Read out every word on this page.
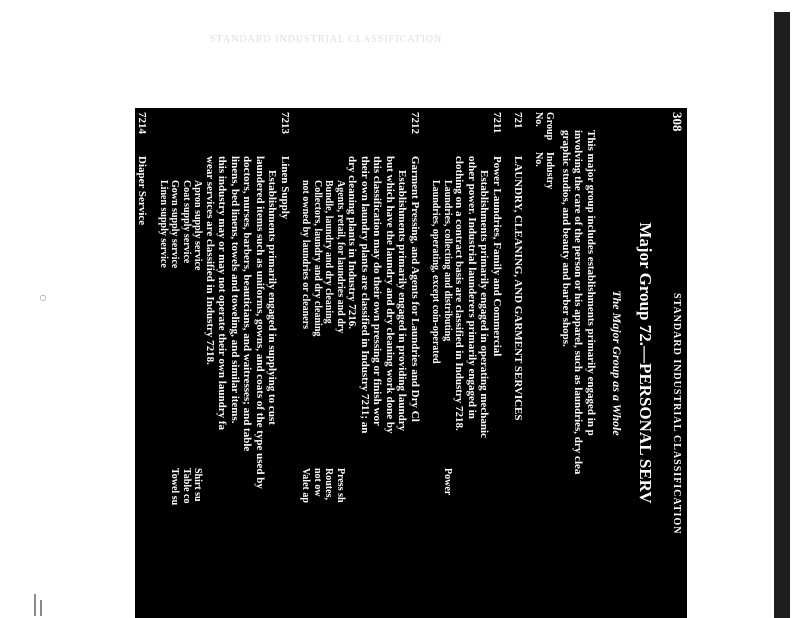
STANDARD INDUSTRIAL CLASSIFICATION
○
308
STANDARD INDUSTRIAL CLASSIFICATION
Major Group 72.—PERSONAL SERV
The Major Group as a Whole
This major group includes establishments primarily engaged in p
involving the care of the person or his apparel, such as laundries, dry clea
graphic studios, and beauty and barber shops.
Group
No.
Industry
No.
721
LAUNDRY, CLEANING, AND GARMENT SERVICES
7211
Power Laundries, Family and Commercial
Establishments primarily engaged in operating mechanic
other power. Industrial launderers primarily engaged in
clothing on a contract basis are classified in Industry 7218.
Laundries, collecting and distributing
Laundries, operating, except coin-operated
Power
7212
Garment Pressing, and Agents for Laundries and Dry Cl
Establishments primarily engaged in providing laundry
but which have the laundry and dry cleaning work done by
this classification may do their own pressing or finish wor
their own laundry plants are classified in Industry 7211; an
dry cleaning plants in Industry 7216.
Agents, retail, for laundries and dry
Bundle, laundry and dry cleaning
Collectors, laundry and dry cleaning
not owned by laundries or cleaners
Press sh
Routes,
not ow
Valet ap
7213
Linen Supply
Establishments primarily engaged in supplying to cust
laundered items such as uniforms, gowns, and coats of the type used by
doctors, nurses, barbers, beauticians, and waitresses; and table
linens, bed linens, towels and toweling, and similar items.
this industry may or may not operate their own laundry fa
wear services are classified in Industry 7218.
Apron supply service
Coat supply service
Gown supply service
Linen supply service
Shirt su
Table co
Towel su
7214
Diaper Service
